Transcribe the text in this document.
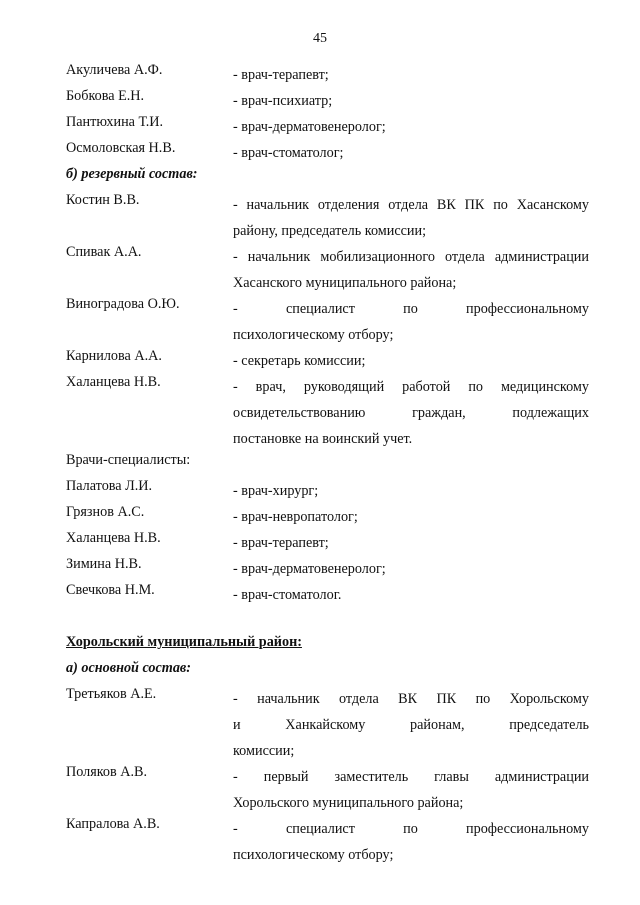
45
Акуличева А.Ф.	- врач-терапевт;
Бобкова Е.Н.	- врач-психиатр;
Пантюхина Т.И.	- врач-дерматовенеролог;
Осмоловская Н.В.	- врач-стоматолог;
б) резервный состав:
Костин В.В.	- начальник отделения отдела ВК ПК по Хасанскому
району, председатель комиссии;
Спивак А.А.	- начальник мобилизационного отдела администрации
Хасанского муниципального района;
Виноградова О.Ю.	- специалист по профессиональному
психологическому отбору;
Карнилова А.А.	- секретарь комиссии;
Халанцева Н.В.	- врач, руководящий работой по медицинскому
освидетельствованию граждан, подлежащих
постановке на воинский учет.
Врачи-специалисты:
Палатова Л.И.	- врач-хирург;
Грязнов А.С.	- врач-невропатолог;
Халанцева Н.В.	- врач-терапевт;
Зимина Н.В.	- врач-дерматовенеролог;
Свечкова Н.М.	- врач-стоматолог.
Хорольский муниципальный район:
а) основной состав:
Третьяков А.Е.	- начальник отдела ВК ПК по Хорольскому
и Ханкайскому районам, председатель
комиссии;
Поляков А.В.	- первый заместитель главы администрации
Хорольского муниципального района;
Капралова А.В.	- специалист по профессиональному
психологическому отбору;
